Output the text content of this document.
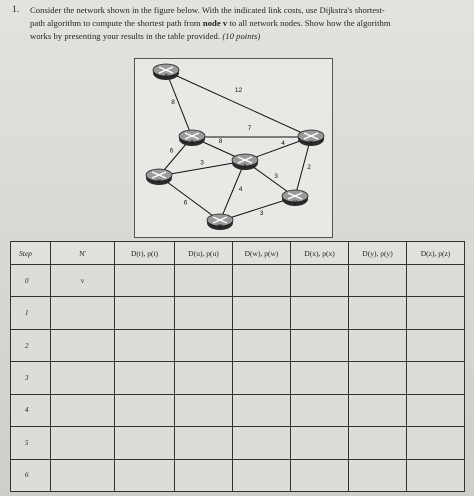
1. Consider the network shown in the figure below. With the indicated link costs, use Dijkstra's shortest-

path algorithm to compute the shortest path from node v to all network nodes. Show how the algorithm

works by presenting your results in the table provided. (10 points)

12
8
7
6
8	4
2
3
3
4
6
3
t
u
v
w
x	y
z
Step	N'	D(t), p(t)	D(u), p(u)	D(w), p(w)	D(x), p(x)	D(y), p(y)	D(z), p(z)
0	v						
1							
2							
3							
4							
5							
6							
